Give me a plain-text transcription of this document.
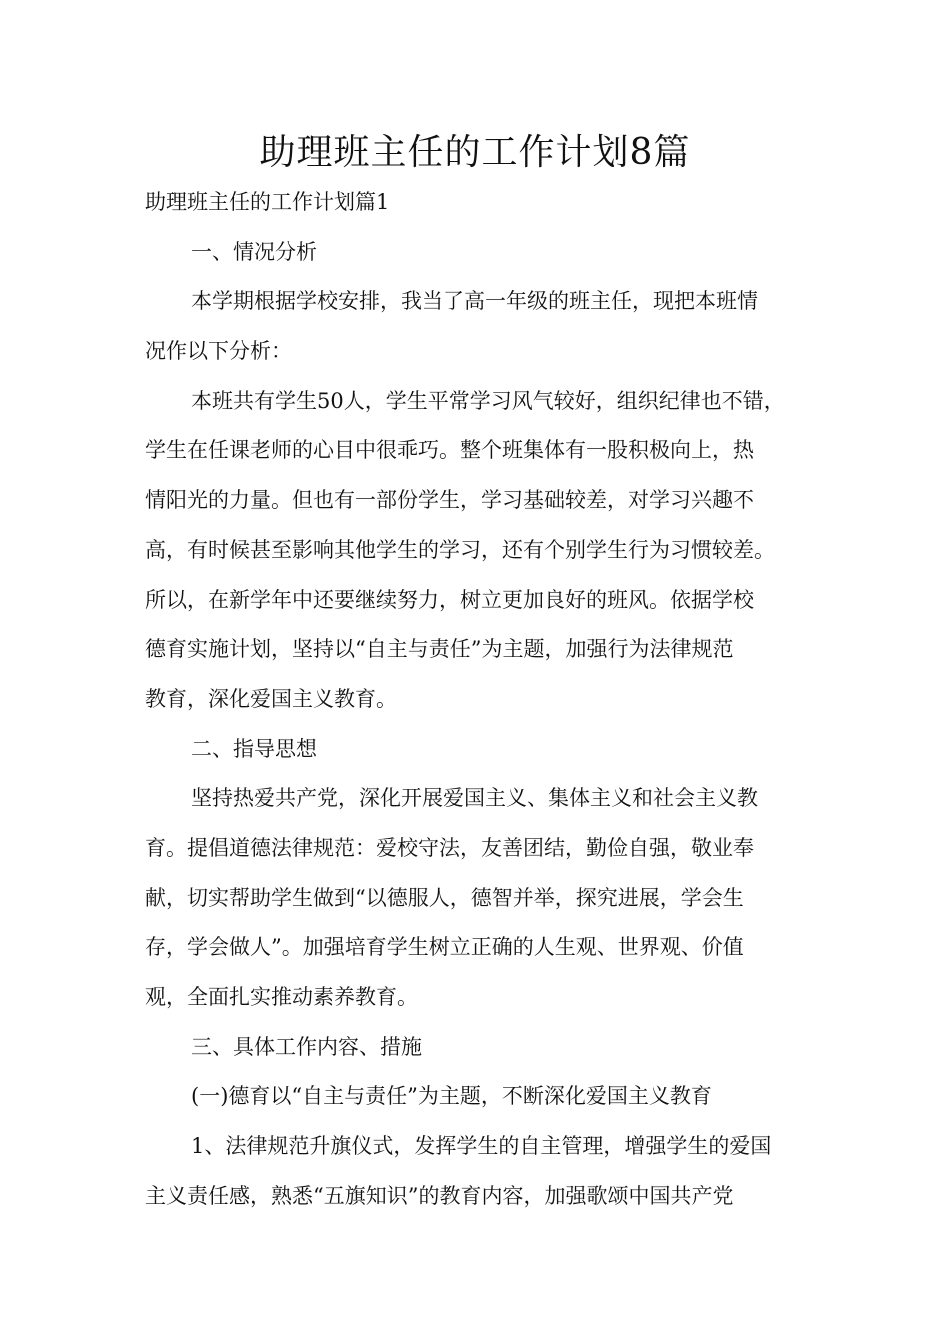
助理班主任的工作计划8篇

助理班主任的工作计划篇1

一、情况分析

本学期根据学校安排，我当了高一年级的班主任，现把本班情

况作以下分析：

本班共有学生50人，学生平常学习风气较好，组织纪律也不错，

学生在任课老师的心目中很乖巧。整个班集体有一股积极向上，热

情阳光的力量。但也有一部份学生，学习基础较差，对学习兴趣不

高，有时候甚至影响其他学生的学习，还有个别学生行为习惯较差。

所以，在新学年中还要继续努力，树立更加良好的班风。依据学校

德育实施计划，坚持以“自主与责任”为主题，加强行为法律规范

教育，深化爱国主义教育。

二、指导思想

坚持热爱共产党，深化开展爱国主义、集体主义和社会主义教

育。提倡道德法律规范：爱校守法，友善团结，勤俭自强，敬业奉

献，切实帮助学生做到“以德服人，德智并举，探究进展，学会生

存，学会做人”。加强培育学生树立正确的人生观、世界观、价值

观，全面扎实推动素养教育。

三、具体工作内容、措施

(一)德育以“自主与责任”为主题，不断深化爱国主义教育

1、法律规范升旗仪式，发挥学生的自主管理，增强学生的爱国

主义责任感，熟悉“五旗知识”的教育内容，加强歌颂中国共产党
